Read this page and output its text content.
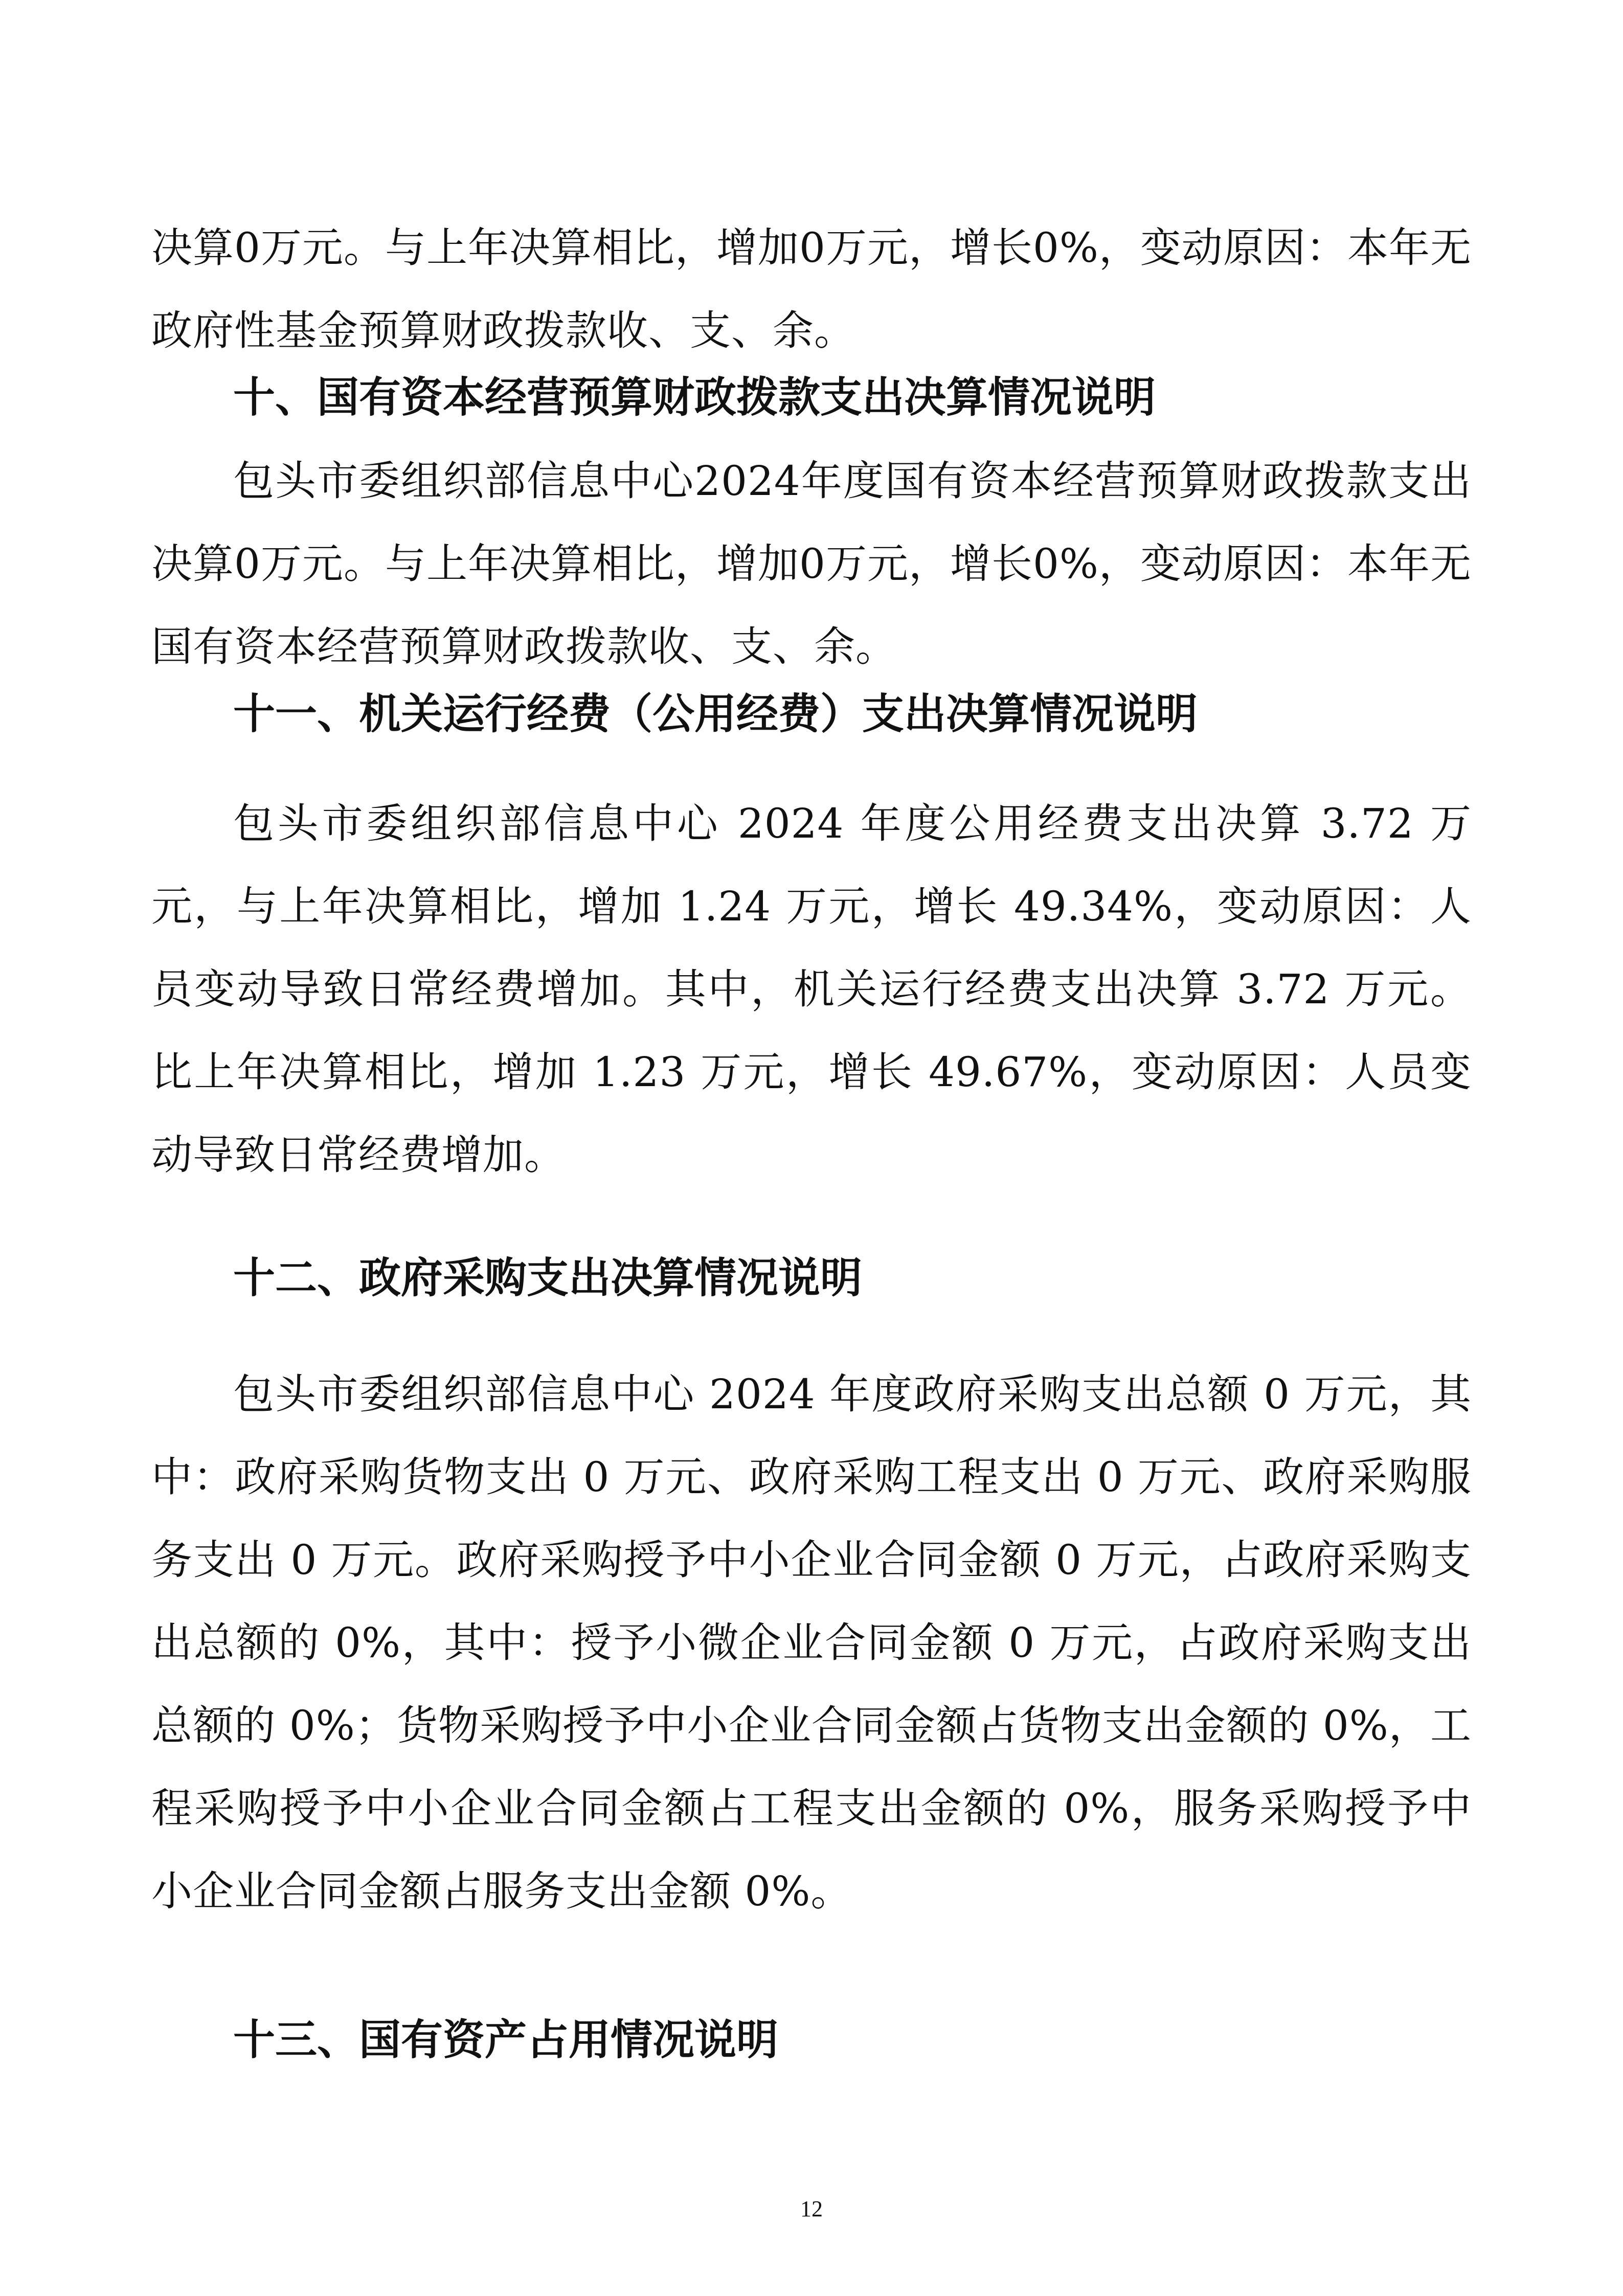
决算0万元。与上年决算相比，增加0万元，增长0%，变动原因：本年无政府性基金预算财政拨款收、支、余。

十、国有资本经营预算财政拨款支出决算情况说明

包头市委组织部信息中心2024年度国有资本经营预算财政拨款支出决算0万元。与上年决算相比，增加0万元，增长0%，变动原因：本年无国有资本经营预算财政拨款收、支、余。

十一、机关运行经费（公用经费）支出决算情况说明

包头市委组织部信息中心 2024 年度公用经费支出决算 3.72 万元，与上年决算相比，增加 1.24 万元，增长 49.34%，变动原因：人员变动导致日常经费增加。其中，机关运行经费支出决算 3.72 万元。比上年决算相比，增加 1.23 万元，增长 49.67%，变动原因：人员变动导致日常经费增加。

十二、政府采购支出决算情况说明

包头市委组织部信息中心 2024 年度政府采购支出总额 0 万元，其中：政府采购货物支出 0 万元、政府采购工程支出 0 万元、政府采购服务支出 0 万元。政府采购授予中小企业合同金额 0 万元，占政府采购支出总额的 0%，其中：授予小微企业合同金额 0 万元，占政府采购支出总额的 0%；货物采购授予中小企业合同金额占货物支出金额的 0%，工程采购授予中小企业合同金额占工程支出金额的 0%，服务采购授予中小企业合同金额占服务支出金额 0%。

十三、国有资产占用情况说明
12
